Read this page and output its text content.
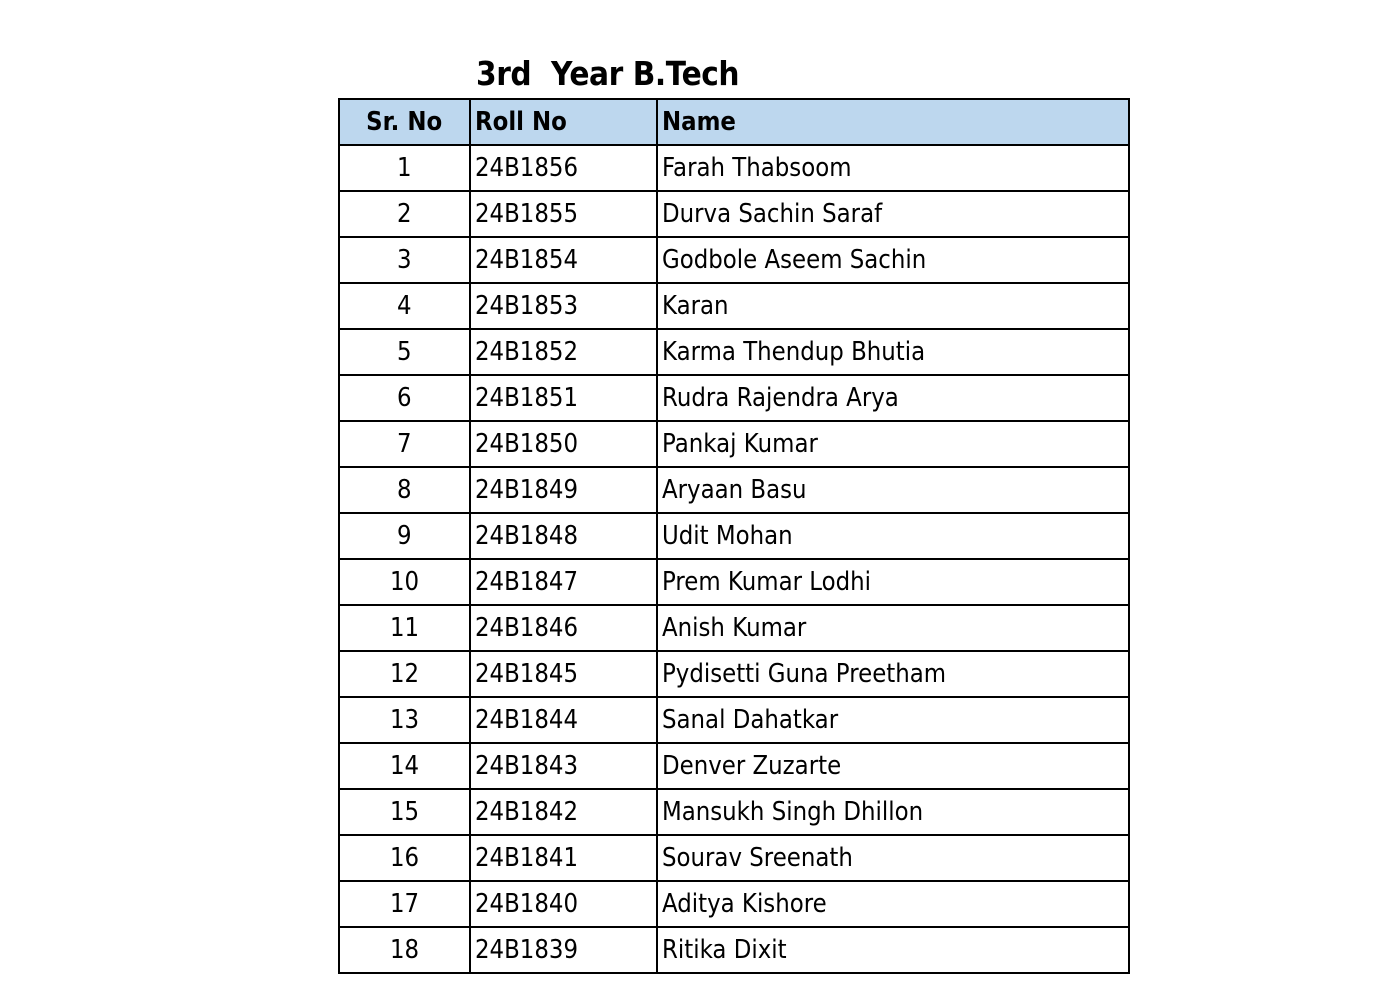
3rd  Year B.Tech
Sr. No	Roll No	Name
1	24B1856	Farah Thabsoom
2	24B1855	Durva Sachin Saraf
3	24B1854	Godbole Aseem Sachin
4	24B1853	Karan
5	24B1852	Karma Thendup Bhutia
6	24B1851	Rudra Rajendra Arya
7	24B1850	Pankaj Kumar
8	24B1849	Aryaan Basu
9	24B1848	Udit Mohan
10	24B1847	Prem Kumar Lodhi
11	24B1846	Anish Kumar
12	24B1845	Pydisetti Guna Preetham
13	24B1844	Sanal Dahatkar
14	24B1843	Denver Zuzarte
15	24B1842	Mansukh Singh Dhillon
16	24B1841	Sourav Sreenath
17	24B1840	Aditya Kishore
18	24B1839	Ritika Dixit
